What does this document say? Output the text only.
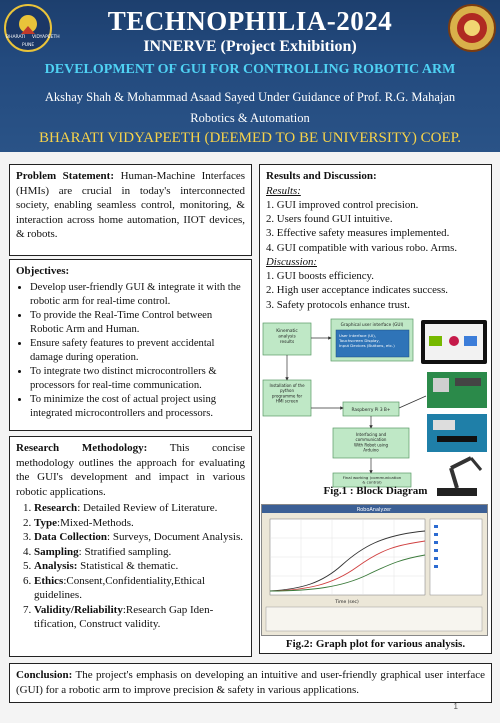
BHARATI VIDYAPEETH
PUNE
TECHNOPHILIA-2024
INNERVE (Project Exhibition)
DEVELOPMENT OF GUI FOR CONTROLLING ROBOTIC ARM
Akshay Shah & Mohammad Asaad Sayed Under Guidance of Prof. R.G. Mahajan
Robotics & Automation
BHARATI VIDYAPEETH (DEEMED TO BE UNIVERSITY) COEP.
Problem Statement: Human-Machine Interfaces (HMIs) are crucial in today's interconnected society, enabling seamless control, monitoring, & interaction across home automation, IIOT devices, & robots.
Objectives:
• Develop user-friendly GUI & integrate it with the robotic arm for real-time control.
• To provide the Real-Time Control between Robotic Arm and Human.
• Ensure safety features to prevent accidental damage during operation.
• To integrate two distinct microcontrollers & processors for real-time communication.
• To minimize the cost of actual project using integrated microcontrollers and processors.
Research Methodology: This concise methodology outlines the approach for evaluating the GUI's development and impact in various robotic applications.
1. Research: Detailed Review of Literature.
2. Type:Mixed-Methods.
3. Data Collection: Surveys, Document Analysis.
4. Sampling: Stratified sampling.
5. Analysis: Statistical & thematic.
6. Ethics:Consent,Confidentiality,Ethical guidelines.
7. Validity/Reliability:Research Gap Iden- tification, Construct validity.
Results and Discussion:
Results:
1. GUI improved control precision.
2. Users found GUI intuitive.
3. Effective safety measures implemented.
4. GUI compatible with various robo. Arms.
Discussion:
1. GUI boosts efficiency.
2. High user acceptance indicates success.
3. Safety protocols enhance trust.
Kinematic analysis results
Graphical user interface (GUI)
User Interface (UI), Touchscreen Display, Input Devices (Buttons, etc.)
Installation of the python programme for HMI screen
Raspberry Pi 3 B+
Interfacing and communication With Robot using Arduino
Final working (communication & control)
Fig.1 : Block Diagram
RoboAnalyzer
Time (sec)
Fig.2: Graph plot for various analysis.
Conclusion: The project's emphasis on developing an intuitive and user-friendly graphical user interface (GUI) for a robotic arm to improve precision & safety in various applications.
1
